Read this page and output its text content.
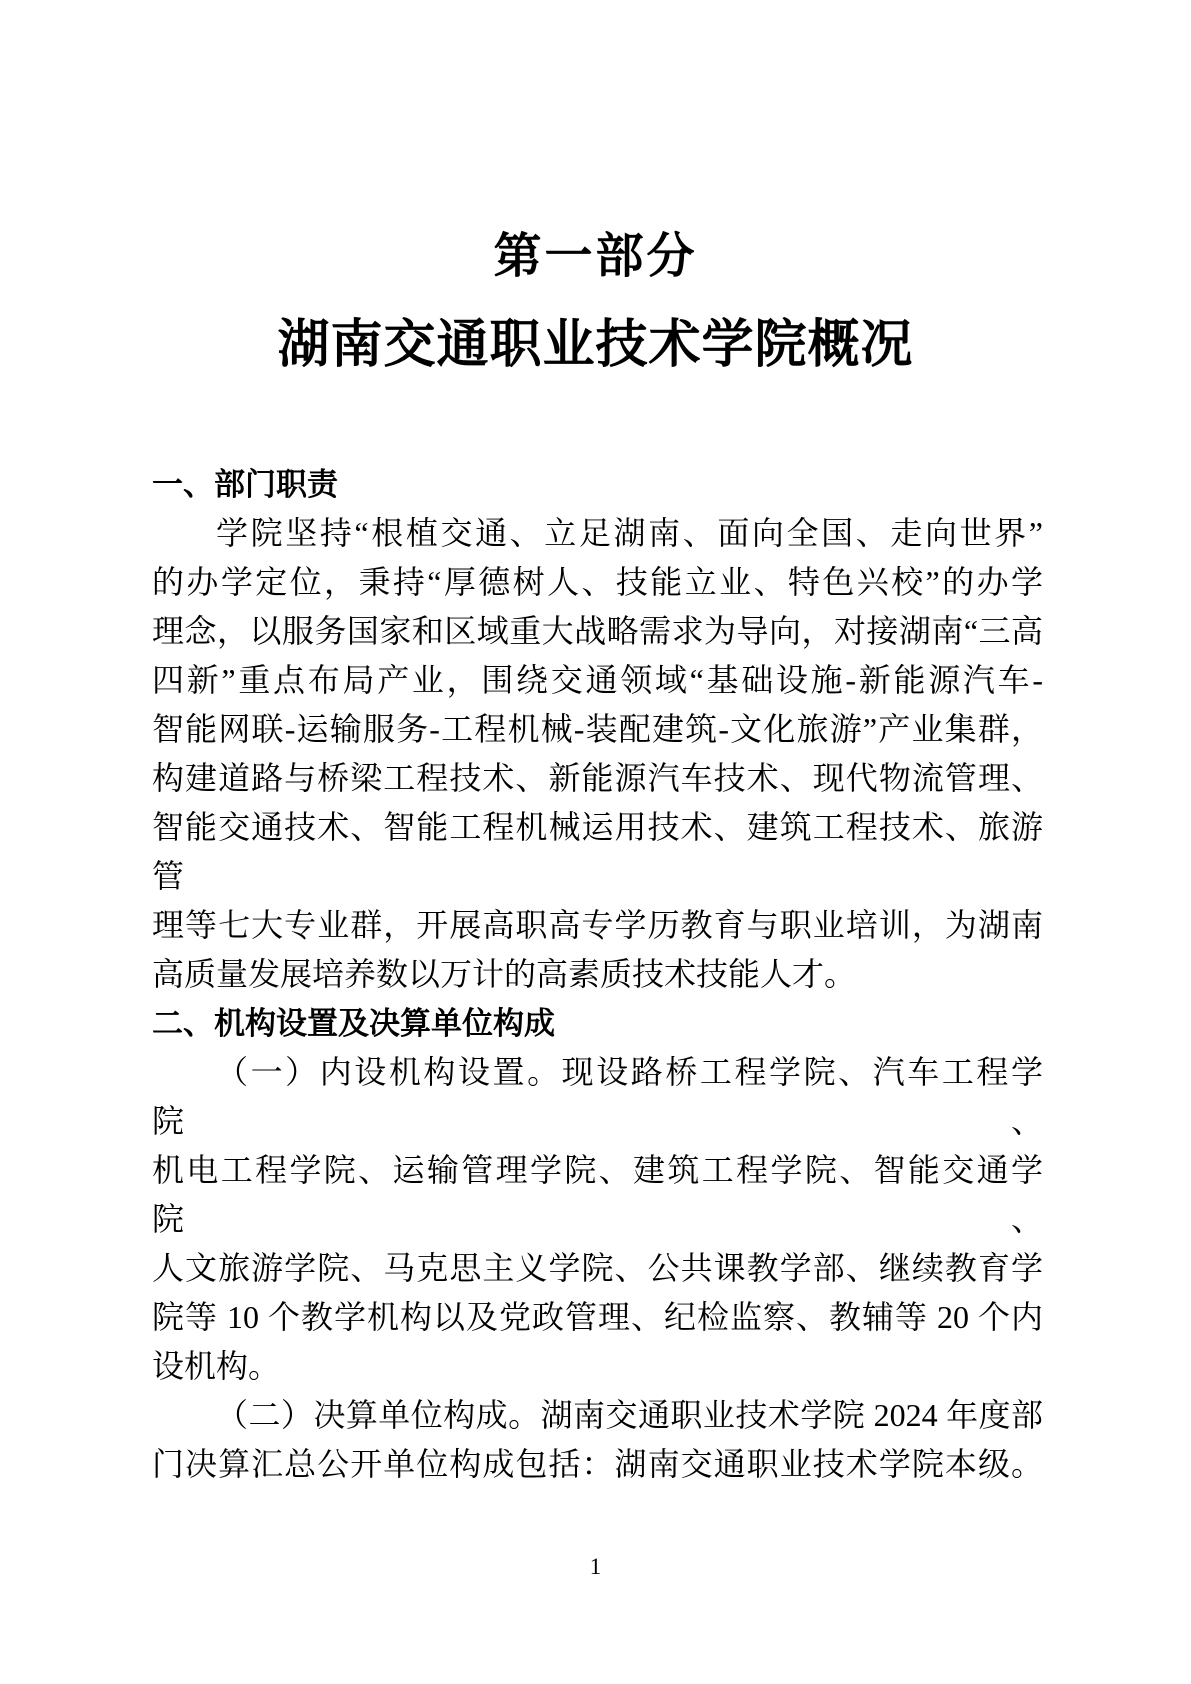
第一部分
湖南交通职业技术学院概况
一、部门职责
学院坚持“根植交通、立足湖南、面向全国、走向世界”
的办学定位，秉持“厚德树人、技能立业、特色兴校”的办学
理念，以服务国家和区域重大战略需求为导向，对接湖南“三高
四新”重点布局产业，围绕交通领域“基础设施-新能源汽车-
智能网联-运输服务-工程机械-装配建筑-文化旅游”产业集群，
构建道路与桥梁工程技术、新能源汽车技术、现代物流管理、
智能交通技术、智能工程机械运用技术、建筑工程技术、旅游管
理等七大专业群，开展高职高专学历教育与职业培训，为湖南
高质量发展培养数以万计的高素质技术技能人才。
二、机构设置及决算单位构成
（一）内设机构设置。现设路桥工程学院、汽车工程学院、
机电工程学院、运输管理学院、建筑工程学院、智能交通学院、
人文旅游学院、马克思主义学院、公共课教学部、继续教育学
院等 10 个教学机构以及党政管理、纪检监察、教辅等 20 个内
设机构。
（二）决算单位构成。湖南交通职业技术学院 2024 年度部
门决算汇总公开单位构成包括：湖南交通职业技术学院本级。
1
